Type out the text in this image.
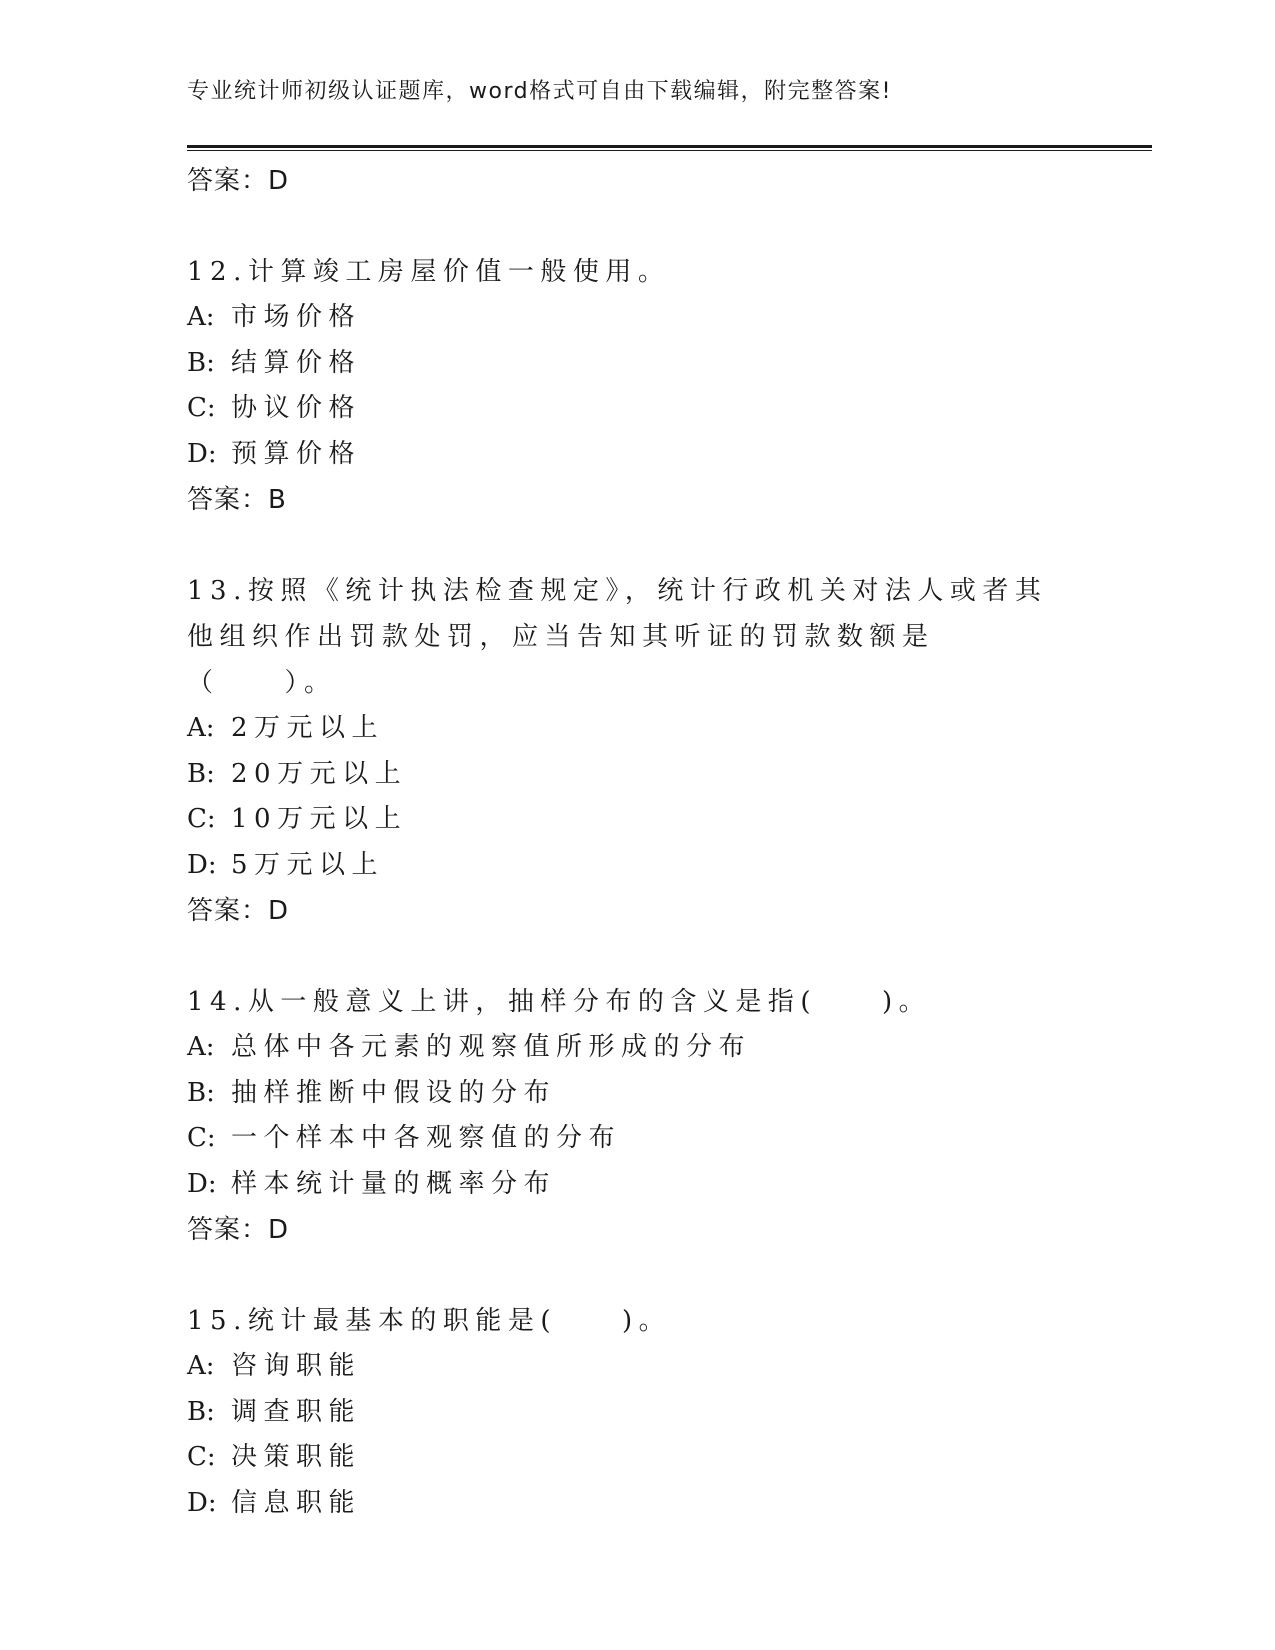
专业统计师初级认证题库，word格式可自由下载编辑，附完整答案!
答案：D

12.计算竣工房屋价值一般使用。

A: 市场价格
B: 结算价格
C: 协议价格
D: 预算价格
答案：B

13.按照《统计执法检查规定》，统计行政机关对法人或者其他组织作出罚款处罚，应当告知其听证的罚款数额是（　　）。

A: 2万元以上
B: 20万元以上
C: 10万元以上
D: 5万元以上
答案：D

14.从一般意义上讲，抽样分布的含义是指(　　)。

A: 总体中各元素的观察值所形成的分布
B: 抽样推断中假设的分布
C: 一个样本中各观察值的分布
D: 样本统计量的概率分布
答案：D

15.统计最基本的职能是(　　)。

A: 咨询职能
B: 调查职能
C: 决策职能
D: 信息职能
